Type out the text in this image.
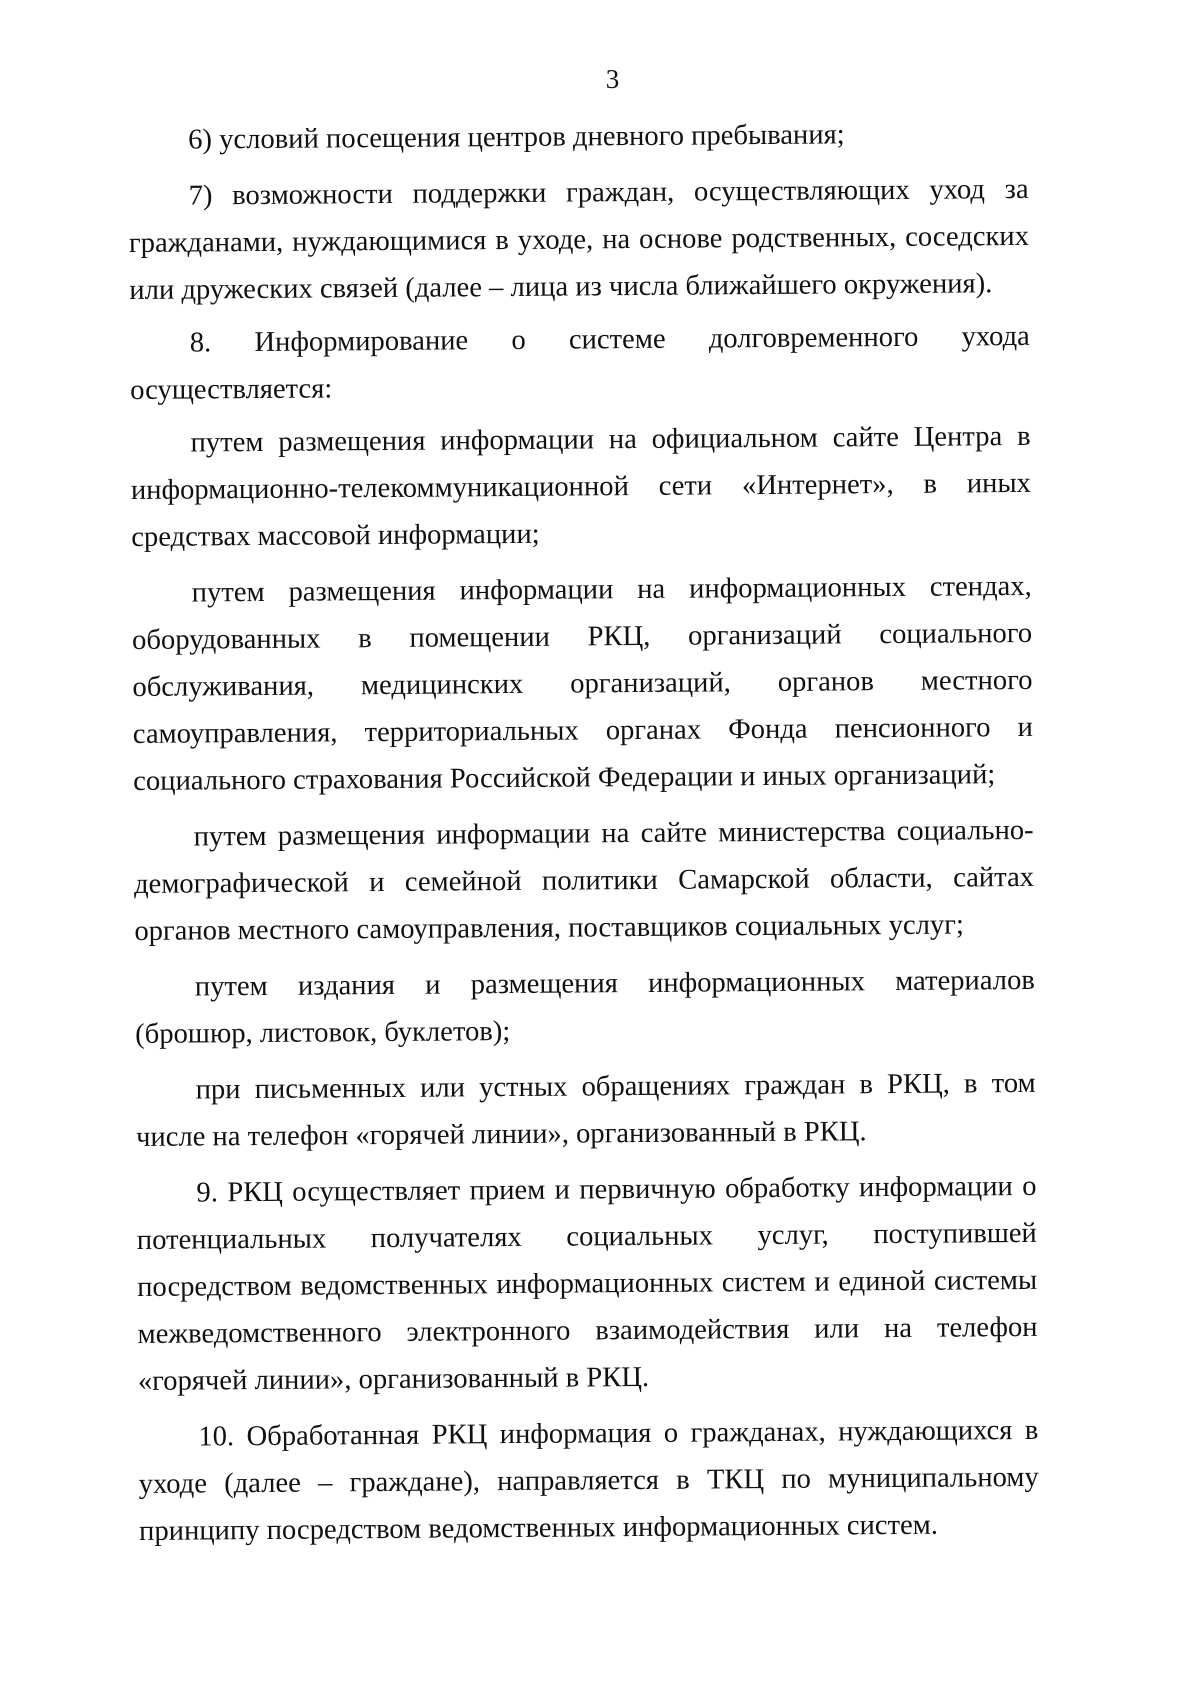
3

6) условий посещения центров дневного пребывания;

7) возможности поддержки граждан, осуществляющих уход за гражданами, нуждающимися в уходе, на основе родственных, соседских или дружеских связей (далее – лица из числа ближайшего окружения).

8. Информирование о системе долговременного ухода осуществляется:

путем размещения информации на официальном сайте Центра в информационно-телекоммуникационной сети «Интернет», в иных средствах массовой информации;

путем размещения информации на информационных стендах, оборудованных в помещении РКЦ, организаций социального обслуживания, медицинских организаций, органов местного самоуправления, территориальных органах Фонда пенсионного и социального страхования Российской Федерации и иных организаций;

путем размещения информации на сайте министерства социально-демографической и семейной политики Самарской области, сайтах органов местного самоуправления, поставщиков социальных услуг;

путем издания и размещения информационных материалов (брошюр, листовок, буклетов);

при письменных или устных обращениях граждан в РКЦ, в том числе на телефон «горячей линии», организованный в РКЦ.

9. РКЦ осуществляет прием и первичную обработку информации о потенциальных получателях социальных услуг, поступившей посредством ведомственных информационных систем и единой системы межведомственного электронного взаимодействия или на телефон «горячей линии», организованный в РКЦ.

10. Обработанная РКЦ информация о гражданах, нуждающихся в уходе (далее – граждане), направляется в ТКЦ по муниципальному принципу посредством ведомственных информационных систем.
